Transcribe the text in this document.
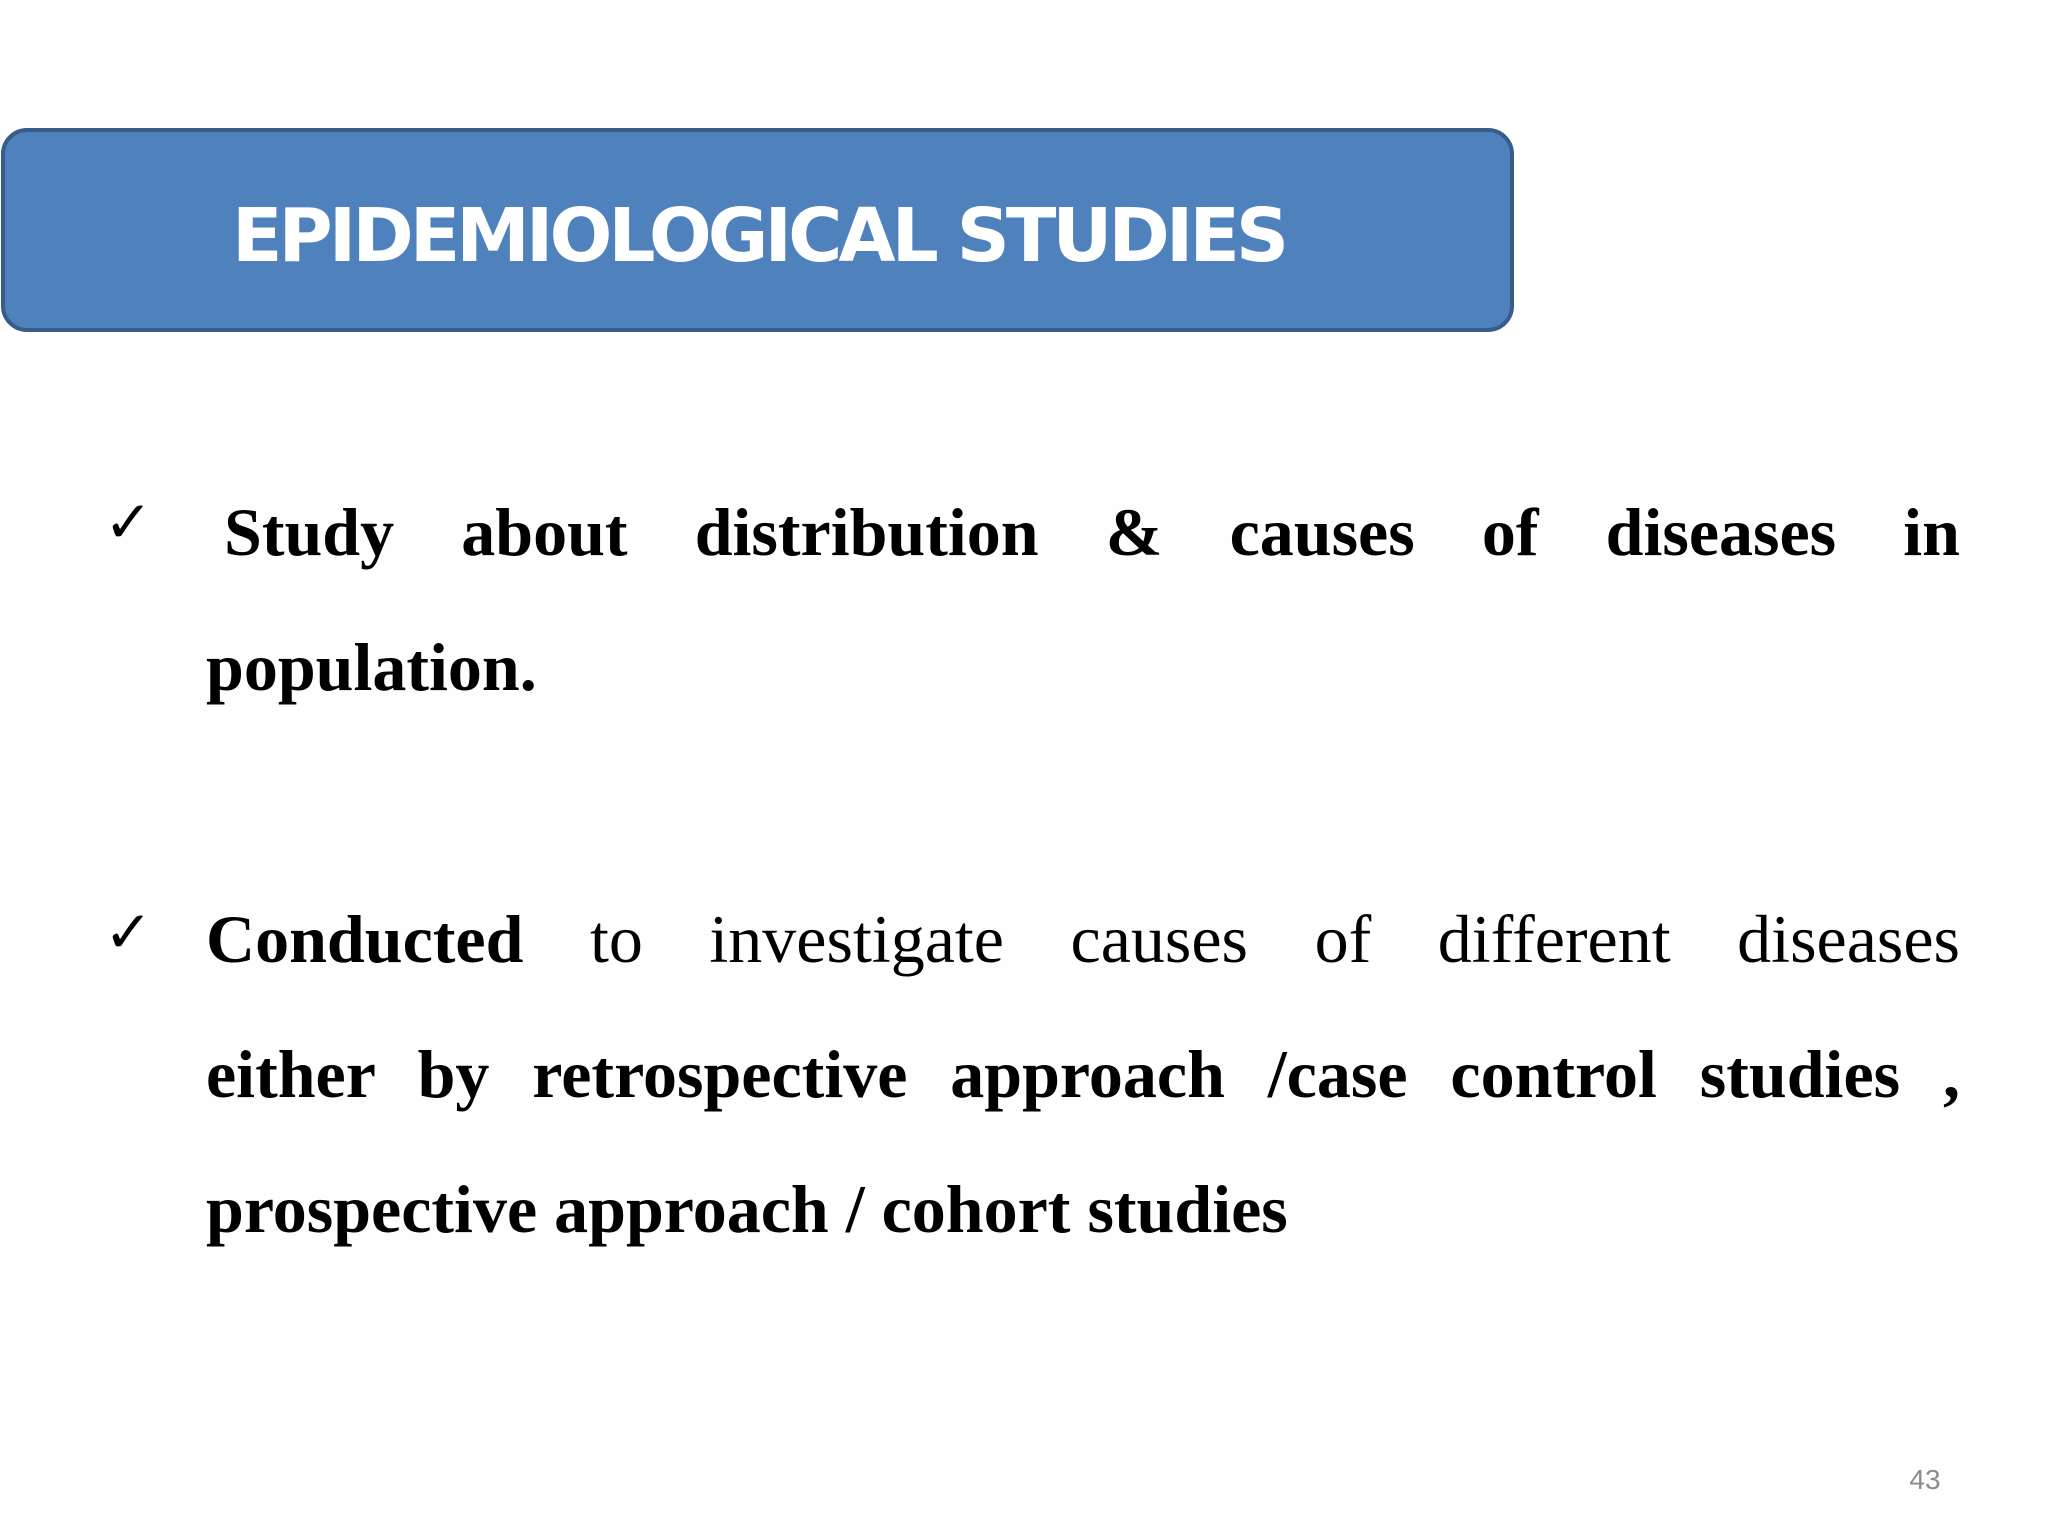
EPIDEMIOLOGICAL STUDIES
✓ Study about distribution & causes of diseases in
population.
✓ Conducted to investigate causes of different diseases
either by retrospective approach /case control studies ,
prospective approach / cohort studies
43
